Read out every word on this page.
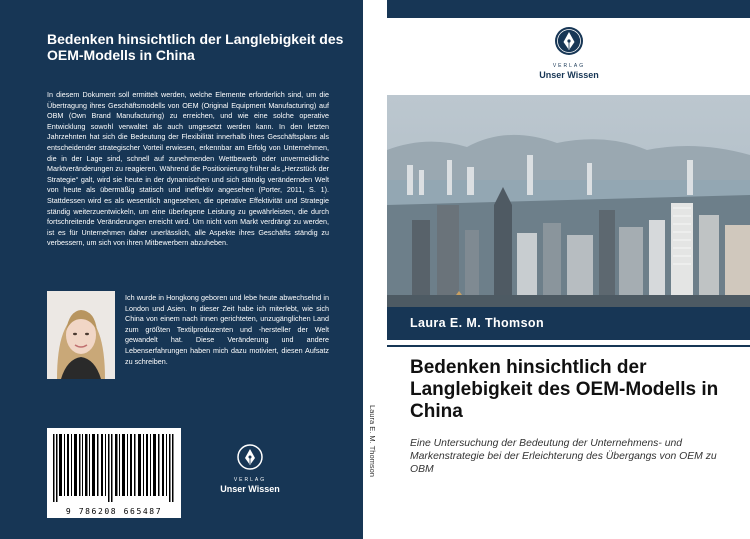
Bedenken hinsichtlich der Langlebigkeit des OEM-Modells in China

In diesem Dokument soll ermittelt werden, welche Elemente erforderlich sind, um die Übertragung ihres Geschäftsmodells von OEM (Original Equipment Manufacturing) auf OBM (Own Brand Manufacturing) zu erreichen, und wie eine solche operative Entwicklung sowohl verwaltet als auch umgesetzt werden kann. In den letzten Jahrzehnten hat sich die Bedeutung der Flexibilität innerhalb ihres Geschäftsplans als entscheidender strategischer Vorteil erwiesen, erkennbar am Erfolg von Unternehmen, die in der Lage sind, schnell auf zunehmenden Wettbewerb oder unvermeidliche Marktveränderungen zu reagieren. Während die Positionierung früher als „Herzstück der Strategie“ galt, wird sie heute in der dynamischen und sich ständig verändernden Welt von heute als übermäßig statisch und ineffektiv angesehen (Porter, 2011, S. 1). Stattdessen wird es als wesentlich angesehen, die operative Effektivität und Strategie ständig weiterzuentwickeln, um eine überlegene Leistung zu gewährleisten, die durch fortschreitende Veränderungen erreicht wird. Um nicht vom Markt verdrängt zu werden, ist es für Unternehmen daher unerlässlich, alle Aspekte ihres Geschäfts ständig zu verbessern, um sich von ihren Mitbewerbern abzuheben.

Ich wurde in Hongkong geboren und lebe heute abwechselnd in London und Asien. In dieser Zeit habe ich miterlebt, wie sich China von einem nach innen gerichteten, unzugänglichen Land zum größten Textilproduzenten und -hersteller der Welt gewandelt hat. Diese Veränderung und andere Lebenserfahrungen haben mich dazu motiviert, diesen Aufsatz zu schreiben.

9 786208 665487
VERLAG
Unser Wissen
Laura E. M. Thomson
VERLAG
Unser Wissen

Laura E. M. Thomson

Bedenken hinsichtlich der Langlebigkeit des OEM-Modells in China

Eine Untersuchung der Bedeutung der Unternehmens- und Markenstrategie bei der Erleichterung des Übergangs von OEM zu OBM
